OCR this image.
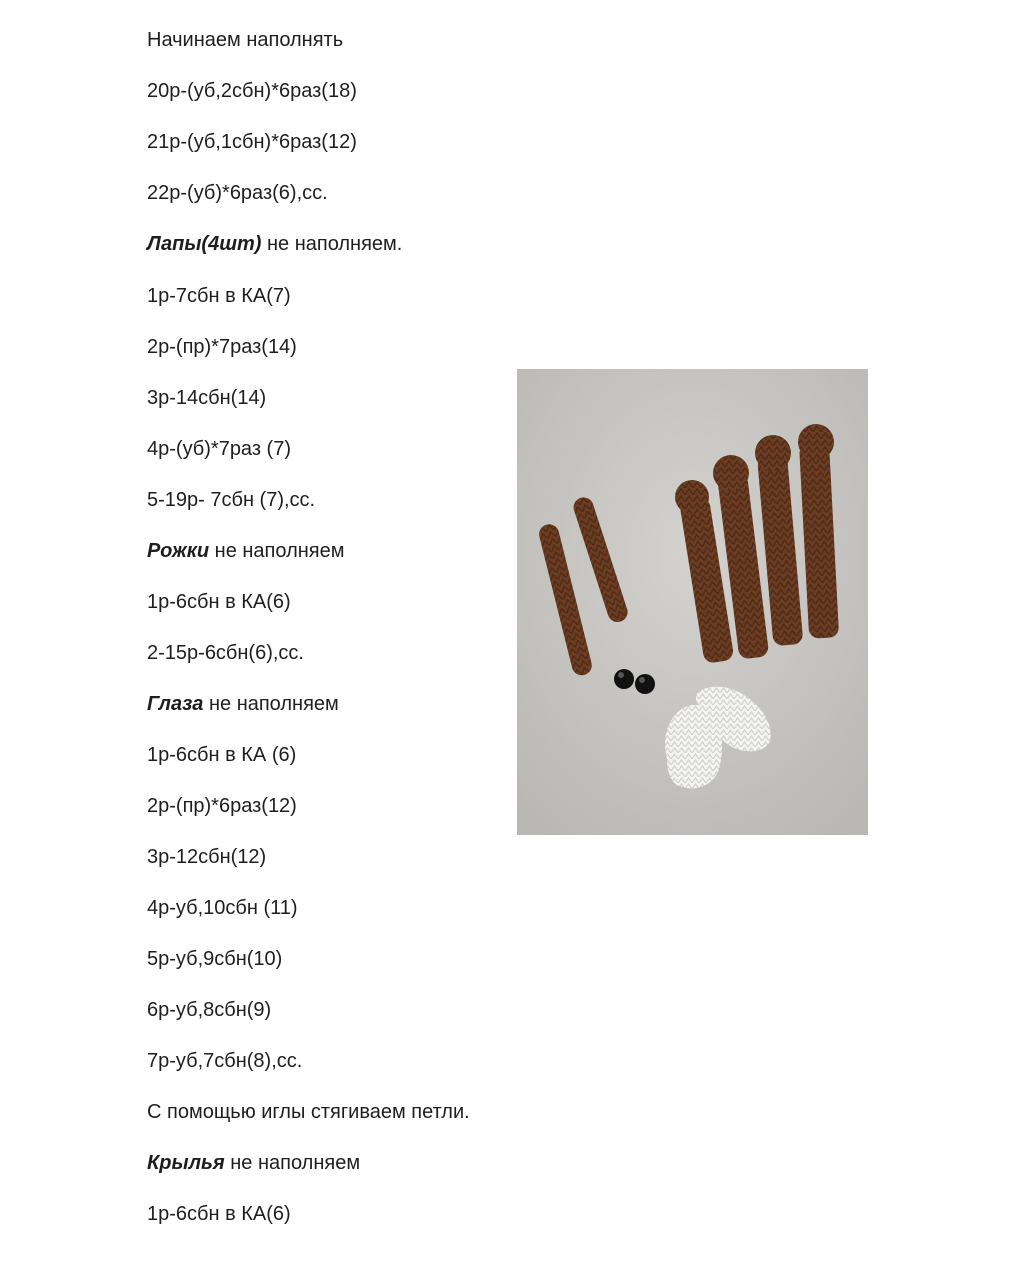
Начинаем наполнять
20р-(уб,2сбн)*6раз(18)
21р-(уб,1сбн)*6раз(12)
22р-(уб)*6раз(6),сс.
Лапы(4шт) не наполняем.
1р-7сбн в КА(7)
2р-(пр)*7раз(14)
3р-14сбн(14)
4р-(уб)*7раз (7)
5-19р- 7сбн (7),сс.
Рожки не наполняем
1р-6сбн в КА(6)
2-15р-6сбн(6),сс.
Глаза не наполняем
1р-6сбн в КА (6)
2р-(пр)*6раз(12)
3р-12сбн(12)
4р-уб,10сбн (11)
5р-уб,9сбн(10)
6р-уб,8сбн(9)
7р-уб,7сбн(8),сс.
С помощью иглы стягиваем петли.
Крылья не наполняем
1р-6сбн в КА(6)
